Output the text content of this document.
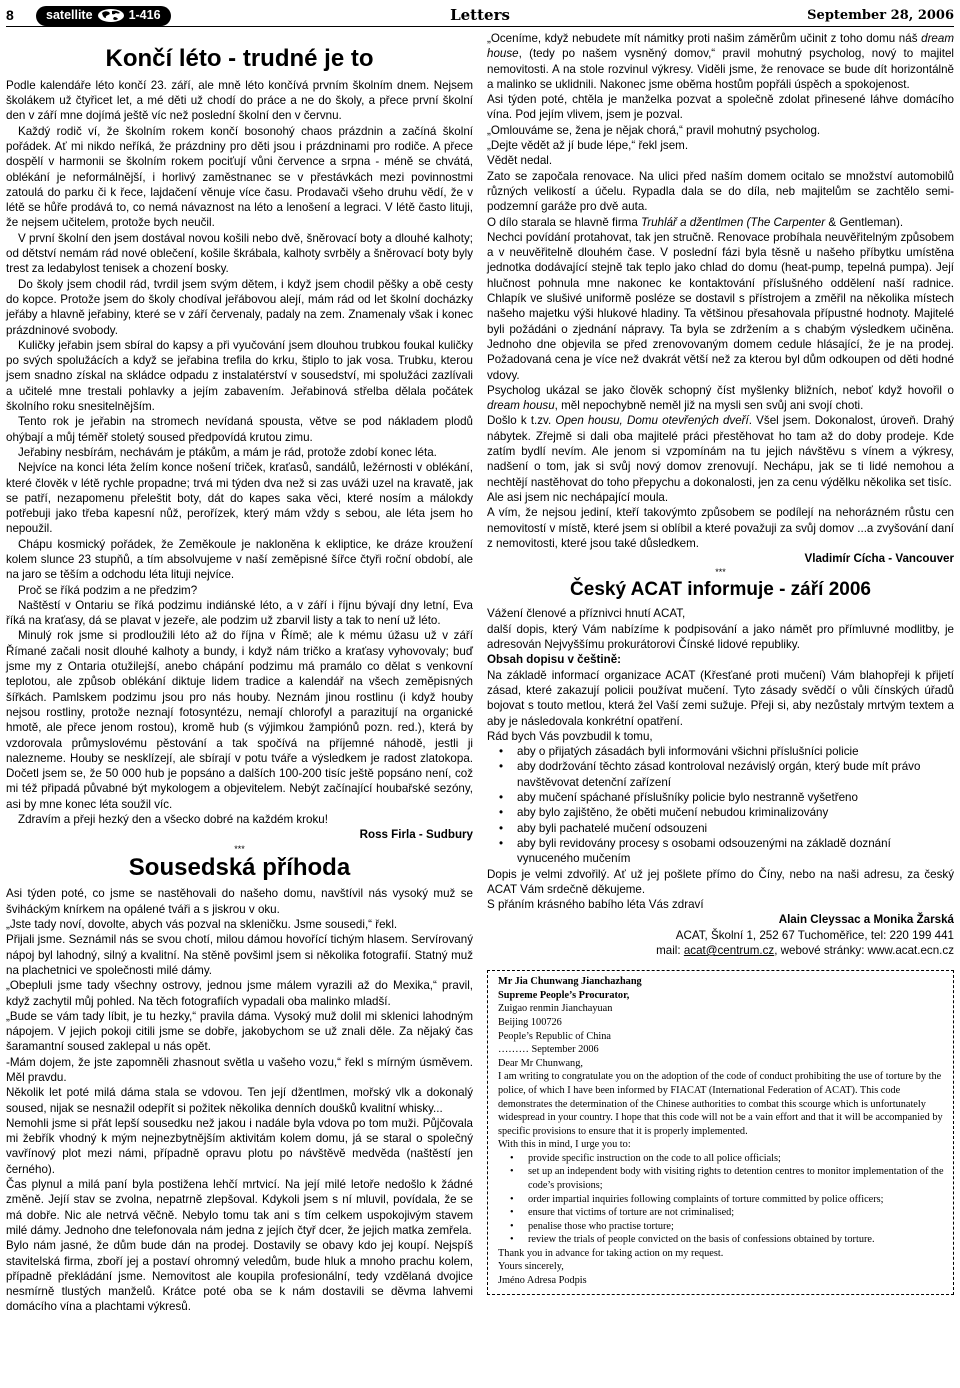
8	satellite	1-416	Letters	September 28, 2006
Končí léto - trudné je to

Podle kalendáře léto končí 23. září, ale mně léto končívá prvním školním dnem. Nejsem školákem už čtyřicet let, a mé děti už chodí do práce a ne do školy, a přece první školní den v září mne dojímá ještě víc než poslední školní den v červnu.

Každý rodič ví, že školním rokem končí bosonohý chaos prázdnin a začíná školní pořádek. Ať mi nikdo neříká, že prázdniny pro děti jsou i prázdninami pro rodiče. A přece dospělí v harmonii se školním rokem pociťují vůni července a srpna - méně se chvátá, oblékání je neformálnější, i horlivý zaměstnanec se v přestávkách mezi povinnostmi zatoulá do parku či k řece, lajdačení věnuje více času. Prodavači všeho druhu vědí, že v létě se hůře prodává to, co nemá návaznost na léto a lenošení a legraci. V létě často lituji, že nejsem učitelem, protože bych neučil.

V první školní den jsem dostával novou košili nebo dvě, šněrovací boty a dlouhé kalhoty; od dětství nemám rád nové oblečení, košile škrábala, kalhoty svrběly a šněrovací boty byly trest za ledabylost tenisek a chození bosky.

Do školy jsem chodil rád, tvrdil jsem svým dětem, i když jsem chodil pěšky a obě cesty do kopce. Protože jsem do školy chodíval jeřábovou alejí, mám rád od let školní docházky jeřáby a hlavně jeřabiny, které se v září červenaly, padaly na zem. Znamenaly však i konec prázdninové svobody.

Kuličky jeřabin jsem sbíral do kapsy a při vyučování jsem dlouhou trubkou foukal kuličky po svých spolužácích a když se jeřabina trefila do krku, štiplo to jak vosa. Trubku, kterou jsem snadno získal na skládce odpadu z instalatérství v sousedství, mi spolužáci zazlívali a učitelé mne trestali pohlavky a jejím zabavením. Jeřabinová střelba dělala počátek školního roku snesitelnějším.

Tento rok je jeřabin na stromech nevídaná spousta, větve se pod nákladem plodů ohýbají a můj téměř stoletý soused předpovídá krutou zimu.

Jeřabiny nesbírám, nechávám je ptákům, a mám je rád, protože zdobí konec léta.

Nejvíce na konci léta želím konce nošení triček, kraťasů, sandálů, ležérnosti v oblékání, které člověk v létě rychle propadne; trvá mi týden dva než si zas uváži uzel na kravatě, jak se patří, nezapomenu přeleštit boty, dát do kapes saka věci, které nosím a málokdy potřebuji jako třeba kapesní nůž, perořízek, který mám vždy s sebou, ale léta jsem ho nepoužil.

Chápu kosmický pořádek, že Zeměkoule je nakloněna k ekliptice, ke dráze kroužení kolem slunce 23 stupňů, a tím absolvujeme v naší zeměpisné šířce čtyři roční období, ale na jaro se těším a odchodu léta lituji nejvíce.

Proč se říká podzim a ne předzim?

Naštěstí v Ontariu se říká podzimu indiánské léto, a v září i říjnu bývají dny letní, Eva říká na kraťasy, dá se plavat v jezeře, ale podzim už zbarvil listy a tak to není už léto.

Minulý rok jsme si prodloužili léto až do října v Římě; ale k mému úžasu už v září Římané začali nosit dlouhé kalhoty a bundy, i když nám tričko a kraťasy vyhovovaly; buď jsme my z Ontaria otužilejší, anebo chápání podzimu má pramálo co dělat s venkovní teplotou, ale způsob oblékání diktuje lidem tradice a kalendář na všech zeměpisných šířkách. Pamlskem podzimu jsou pro nás houby. Neznám jinou rostlinu (i když houby nejsou rostliny, protože neznají fotosyntézu, nemají chlorofyl a parazitují na organické hmotě, ale přece jenom rostou), kromě hub (s výjimkou žampiónů pozn. red.), která by vzdorovala průmyslovému pěstování a tak spočívá na příjemné náhodě, jestli ji nalezneme. Houby se nesklízejí, ale sbírají v potu tváře a výsledkem je radost zlatokopa. Dočetl jsem se, že 50 000 hub je popsáno a dalších 100-200 tisíc ještě popsáno není, což mi též připadá půvabné být mykologem a objevitelem. Nebýt začínající houbařské sezóny, asi by mne konec léta soužil víc.

Zdravím a přeji hezký den a všecko dobré na každém kroku!

Ross Firla - Sudbury

***
Sousedská příhoda

Asi týden poté, co jsme se nastěhovali do našeho domu, navštívil nás vysoký muž se šviháckým knírkem na opálené tváři a s jiskrou v oku.

„Jste tady noví, dovolte, abych vás pozval na skleničku. Jsme sousedi,“ řekl.

Přijali jsme. Seznámil nás se svou chotí, milou dámou hovořící tichým hlasem. Servírovaný nápoj byl lahodný, silný a kvalitní. Na stěně povšiml jsem si několika fotografií. Statný muž na plachetnici ve společnosti milé dámy.

„Obepluli jsme tady všechny ostrovy, jednou jsme málem vyrazili až do Mexika,“ pravil, když zachytil můj pohled. Na těch fotografiích vypadali oba malinko mladší.

„Bude se vám tady líbit, je tu hezky,“ pravila dáma. Vysoký muž dolil mi sklenici lahodným nápojem. V jejich pokoji citili jsme se dobře, jakobychom se už znali děle. Za nějaký čas šaramantní soused zaklepal u nás opět.

-Mám dojem, že jste zapomněli zhasnout světla u vašeho vozu,“ řekl s mírným úsměvem. Měl pravdu.

Několik let poté milá dáma stala se vdovou. Ten její džentlmen, mořský vlk a dokonalý soused, nijak se nesnažil odepřít si požitek několika denních doušků kvalitní whisky...

Nemohli jsme si přát lepší sousedku než jakou i nadále byla vdova po tom muži. Půjčovala mi žebřík vhodný k mým nejnezbytnějším aktivitám kolem domu, já se staral o společný vavřínový plot mezi námi, případně opravu plotu po návštěvě medvěda (naštěstí jen černého).

Čas plynul a milá paní byla postižena lehčí mrtvicí. Na její milé letoře nedošlo k žádné změně. Jejíí stav se zvolna, nepatrně zlepšoval. Kdykoli jsem s ní mluvil, povídala, že se má dobře. Nic ale netrvá věčně. Nebylo tomu tak ani s tím celkem uspokojivým stavem milé dámy. Jednoho dne telefonovala nám jedna z jejích čtyř dcer, že jejich matka zemřela.

Bylo nám jasné, že dům bude dán na prodej. Dostavily se obavy kdo jej koupí. Nejspíš stavitelská firma, zboří jej a postaví ohromný veledům, bude hluk a mnoho prachu kolem, případně překládání jsme. Nemovitost ale koupila profesionální, tedy vzdělaná dvojice nesmírně tlustých manželů. Krátce poté oba se k nám dostavili se děvma lahvemi domácího vína a plachtami výkresů.

„Oceníme, když nebudete mít námitky proti našim záměrům učinit z toho domu náš dream house, (tedy po našem vysněný domov,“ pravil mohutný psycholog, nový to majitel nemovitosti. A na stole rozvinul výkresy. Viděli jsme, že renovace se bude dít horizontálně a malinko se uklidnili. Nakonec jsme oběma hostům popřáli úspěch a spokojenost.

Asi týden poté, chtěla je manželka pozvat a společně zdolat přinesené láhve domácího vína. Pod jejím vlivem, jsem je pozval.

„Omlouváme se, žena je nějak chorá,“ pravil mohutný psycholog.

„Dejte vědět až jí bude lépe,“ řekl jsem.

Vědět nedal.

Zato se započala renovace. Na ulici před naším domem ocitalo se množství automobilů různých velikostí a účelu. Rypadla dala se do díla, neb majitelům se zachtělo semi-podzemní garáže pro dvě auta.

O dílo starala se hlavně firma Truhlář a džentlmen (The Carpenter & Gentleman).

Nechci povídání protahovat, tak jen stručně. Renovace probíhala neuvěřitelným způsobem a v neuvěřitelně dlouhém čase. V poslední fázi byla těsně u našeho příbytku umístěna jednotka dodávající stejně tak teplo jako chlad do domu (heat-pump, tepelná pumpa). Její hlučnost pohnula mne nakonec ke kontaktování příslušného oddělení naší radnice. Chlapík ve slušivé uniformě posléze se dostavil s přístrojem a změřil na několika místech našeho majetku výši hlukové hladiny. Ta většinou přesahovala přípustné hodnoty. Majitelé byli požádáni o zjednání nápravy. Ta byla se zdržením a s chabým výsledkem učiněna. Jednoho dne objevila se před zrenovovaným domem cedule hlásající, že je na prodej. Požadovaná cena je více než dvakrát větší než za kterou byl dům odkoupen od děti hodné vdovy.

Psycholog ukázal se jako člověk schopný číst myšlenky bližních, neboť když hovořil o dream housu, měl nepochybně neměl již na mysli sen svůj ani svojí choti.

Došlo k t.zv. Open housu, Domu otevřených dveří. Všel jsem. Dokonalost, úroveň. Drahý nábytek. Zřejmě si dali oba majitelé práci přestěhovat ho tam až do doby prodeje. Kde zatím bydlí nevím. Ale jenom si vzpomínám na tu jejich návštěvu s vínem a výkresy, nadšení o tom, jak si svůj nový domov zrenovují. Nechápu, jak se ti lidé nemohou a nechtějí nastěhovat do toho přepychu a dokonalosti, jen za cenu výdělku několika set tisíc.

Ale asi jsem nic nechápající moula.

A vím, že nejsou jediní, kteří takovýmto způsobem se podílejí na nehorázném růstu cen nemovitostí v místě, které jsem si oblíbil a které považuji za svůj domov ...a zvyšování daní z nemovitosti, které jsou také důsledkem.

Vladimír Cícha - Vancouver

***
Český ACAT informuje - září 2006

Vážení členové a příznivci hnutí ACAT,

další dopis, který Vám nabízíme k podpisování a jako námět pro přímluvné modlitby, je adresován Nejvyššímu prokurátorovi Čínské lidové republiky.

Obsah dopisu v češtině:

Na základě informací organizace ACAT (Křesťané proti mučení) Vám blahopřeji k přijetí zásad, které zakazují policii používat mučení. Tyto zásady svědčí o vůli čínských úřadů bojovat s touto metlou, která žel Vaší zemi sužuje. Přeji si, aby nezůstaly mrtvým textem a aby je následovala konkrétní opatření.

Rád bych Vás povzbudil k tomu,

• aby o přijatých zásadách byli informováni všichni příslušníci policie
• aby dodržování těchto zásad kontroloval nezávislý orgán, který bude mít právo navštěvovat detenční zařízení
• aby mučení spáchané příslušníky policie bylo nestranně vyšetřeno
• aby bylo zajištěno, že oběti mučení nebudou kriminalizovány
• aby byli pachatelé mučení odsouzeni
• aby byli revidovány procesy s osobami odsouzenými na základě doznání vynuceného mučením

Dopis je velmi zdvořilý. Ať už jej pošlete přímo do Číny, nebo na naši adresu, za český ACAT Vám srdečně děkujeme.

S přáním krásného babího léta Vás zdraví

Alain Cleyssac a Monika Žarská

ACAT, Školní 1, 252 67 Tuchoměřice, tel: 220 199 441

mail: acat@centrum.cz, webové stránky: www.acat.ecn.cz

Mr Jia Chunwang Jianchazhang
Supreme People’s Procurator,
Zuigao renmin Jianchayuan
Beijing 100726
People’s Republic of China
……… September 2006
Dear Mr Chunwang,

I am writing to congratulate you on the adoption of the code of conduct prohibiting the use of torture by the police, of which I have been informed by FIACAT (International Federation of ACAT). This code demonstrates the determination of the Chinese authorities to combat this scourge which is unfortunately widespread in your country. I hope that this code will not be a vain effort and that it will be accompanied by specific provisions to ensure that it is properly implemented.

With this in mind, I urge you to:

• provide specific instruction on the code to all police officials;
• set up an independent body with visiting rights to detention centres to monitor implementation of the code’s provisions;
• order impartial inquiries following complaints of torture committed by police officers;
• ensure that victims of torture are not criminalised;
• penalise those who practise torture;
• review the trials of people convicted on the basis of confessions obtained by torture.

Thank you in advance for taking action on my request.

Yours sincerely,

Jméno Adresa Podpis
